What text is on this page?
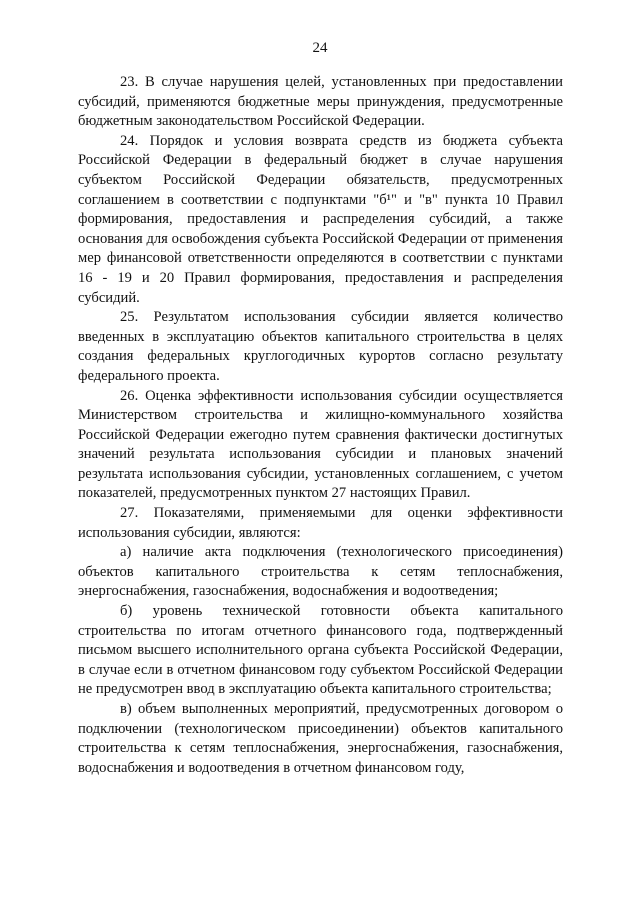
24

23. В случае нарушения целей, установленных при предоставлении субсидий, применяются бюджетные меры принуждения, предусмотренные бюджетным законодательством Российской Федерации.

24. Порядок и условия возврата средств из бюджета субъекта Российской Федерации в федеральный бюджет в случае нарушения субъектом Российской Федерации обязательств, предусмотренных соглашением в соответствии с подпунктами "б¹" и "в" пункта 10 Правил формирования, предоставления и распределения субсидий, а также основания для освобождения субъекта Российской Федерации от применения мер финансовой ответственности определяются в соответствии с пунктами 16 - 19 и 20 Правил формирования, предоставления и распределения субсидий.

25. Результатом использования субсидии является количество введенных в эксплуатацию объектов капитального строительства в целях создания федеральных круглогодичных курортов согласно результату федерального проекта.

26. Оценка эффективности использования субсидии осуществляется Министерством строительства и жилищно-коммунального хозяйства Российской Федерации ежегодно путем сравнения фактически достигнутых значений результата использования субсидии и плановых значений результата использования субсидии, установленных соглашением, с учетом показателей, предусмотренных пунктом 27 настоящих Правил.

27. Показателями, применяемыми для оценки эффективности использования субсидии, являются:

а) наличие акта подключения (технологического присоединения) объектов капитального строительства к сетям теплоснабжения, энергоснабжения, газоснабжения, водоснабжения и водоотведения;

б) уровень технической готовности объекта капитального строительства по итогам отчетного финансового года, подтвержденный письмом высшего исполнительного органа субъекта Российской Федерации, в случае если в отчетном финансовом году субъектом Российской Федерации не предусмотрен ввод в эксплуатацию объекта капитального строительства;

в) объем выполненных мероприятий, предусмотренных договором о подключении (технологическом присоединении) объектов капитального строительства к сетям теплоснабжения, энергоснабжения, газоснабжения, водоснабжения и водоотведения в отчетном финансовом году,
